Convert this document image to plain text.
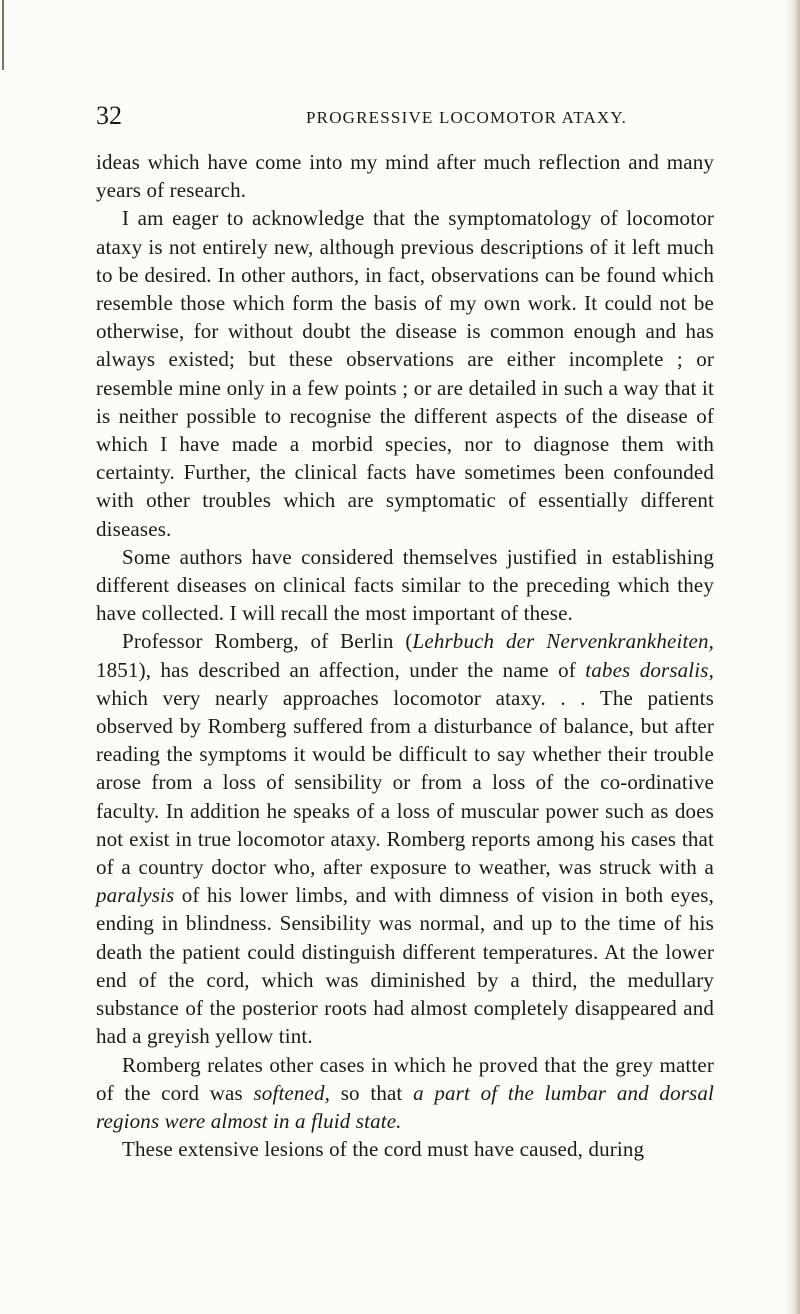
32	PROGRESSIVE LOCOMOTOR ATAXY.

ideas which have come into my mind after much reflection and many years of research.

I am eager to acknowledge that the symptomatology of locomotor ataxy is not entirely new, although previous descriptions of it left much to be desired. In other authors, in fact, observations can be found which resemble those which form the basis of my own work. It could not be otherwise, for without doubt the disease is common enough and has always existed; but these observations are either incomplete ; or resemble mine only in a few points ; or are detailed in such a way that it is neither possible to recognise the different aspects of the disease of which I have made a morbid species, nor to diagnose them with certainty. Further, the clinical facts have sometimes been confounded with other troubles which are symptomatic of essentially different diseases.

Some authors have considered themselves justified in establishing different diseases on clinical facts similar to the preceding which they have collected. I will recall the most important of these.

Professor Romberg, of Berlin (Lehrbuch der Nervenkrankheiten, 1851), has described an affection, under the name of tabes dorsalis, which very nearly approaches locomotor ataxy. . . The patients observed by Romberg suffered from a disturbance of balance, but after reading the symptoms it would be difficult to say whether their trouble arose from a loss of sensibility or from a loss of the co-ordinative faculty. In addition he speaks of a loss of muscular power such as does not exist in true locomotor ataxy. Romberg reports among his cases that of a country doctor who, after exposure to weather, was struck with a paralysis of his lower limbs, and with dimness of vision in both eyes, ending in blindness. Sensibility was normal, and up to the time of his death the patient could distinguish different temperatures. At the lower end of the cord, which was diminished by a third, the medullary substance of the posterior roots had almost completely disappeared and had a greyish yellow tint.

Romberg relates other cases in which he proved that the grey matter of the cord was softened, so that a part of the lumbar and dorsal regions were almost in a fluid state.

These extensive lesions of the cord must have caused, during
